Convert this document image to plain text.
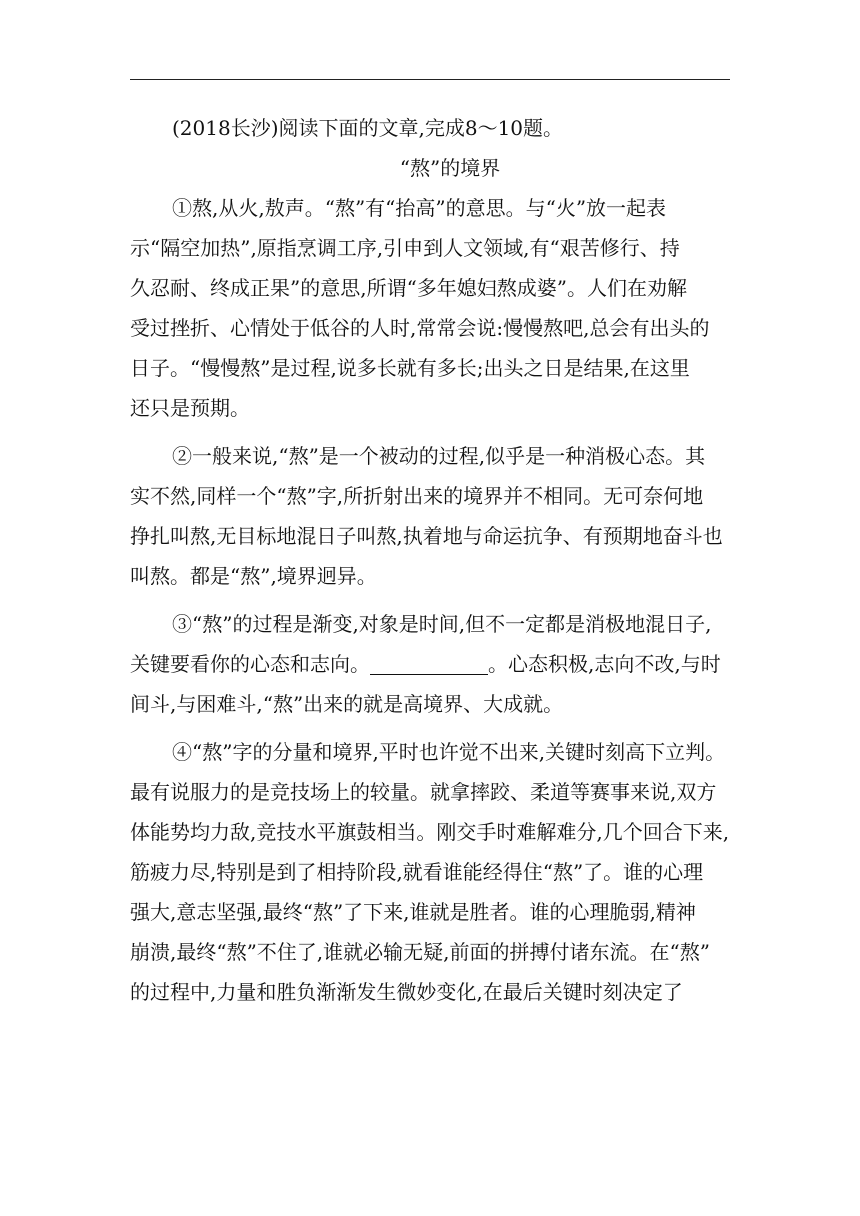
(2018长沙)阅读下面的文章,完成8～10题。
“熬”的境界
①熬,从火,敖声。“熬”有“抬高”的意思。与“火”放一起表
示“隔空加热”,原指烹调工序,引申到人文领域,有“艰苦修行、持
久忍耐、终成正果”的意思,所谓“多年媳妇熬成婆”。人们在劝解
受过挫折、心情处于低谷的人时,常常会说:慢慢熬吧,总会有出头的
日子。“慢慢熬”是过程,说多长就有多长;出头之日是结果,在这里
还只是预期。
②一般来说,“熬”是一个被动的过程,似乎是一种消极心态。其
实不然,同样一个“熬”字,所折射出来的境界并不相同。无可奈何地
挣扎叫熬,无目标地混日子叫熬,执着地与命运抗争、有预期地奋斗也
叫熬。都是“熬”,境界迥异。
③“熬”的过程是渐变,对象是时间,但不一定都是消极地混日子,
关键要看你的心态和志向。	。心态积极,志向不改,与时
间斗,与困难斗,“熬”出来的就是高境界、大成就。
④“熬”字的分量和境界,平时也许觉不出来,关键时刻高下立判。
最有说服力的是竞技场上的较量。就拿摔跤、柔道等赛事来说,双方
体能势均力敌,竞技水平旗鼓相当。刚交手时难解难分,几个回合下来,
筋疲力尽,特别是到了相持阶段,就看谁能经得住“熬”了。谁的心理
强大,意志坚强,最终“熬”了下来,谁就是胜者。谁的心理脆弱,精神
崩溃,最终“熬”不住了,谁就必输无疑,前面的拼搏付诸东流。在“熬”
的过程中,力量和胜负渐渐发生微妙变化,在最后关键时刻决定了
